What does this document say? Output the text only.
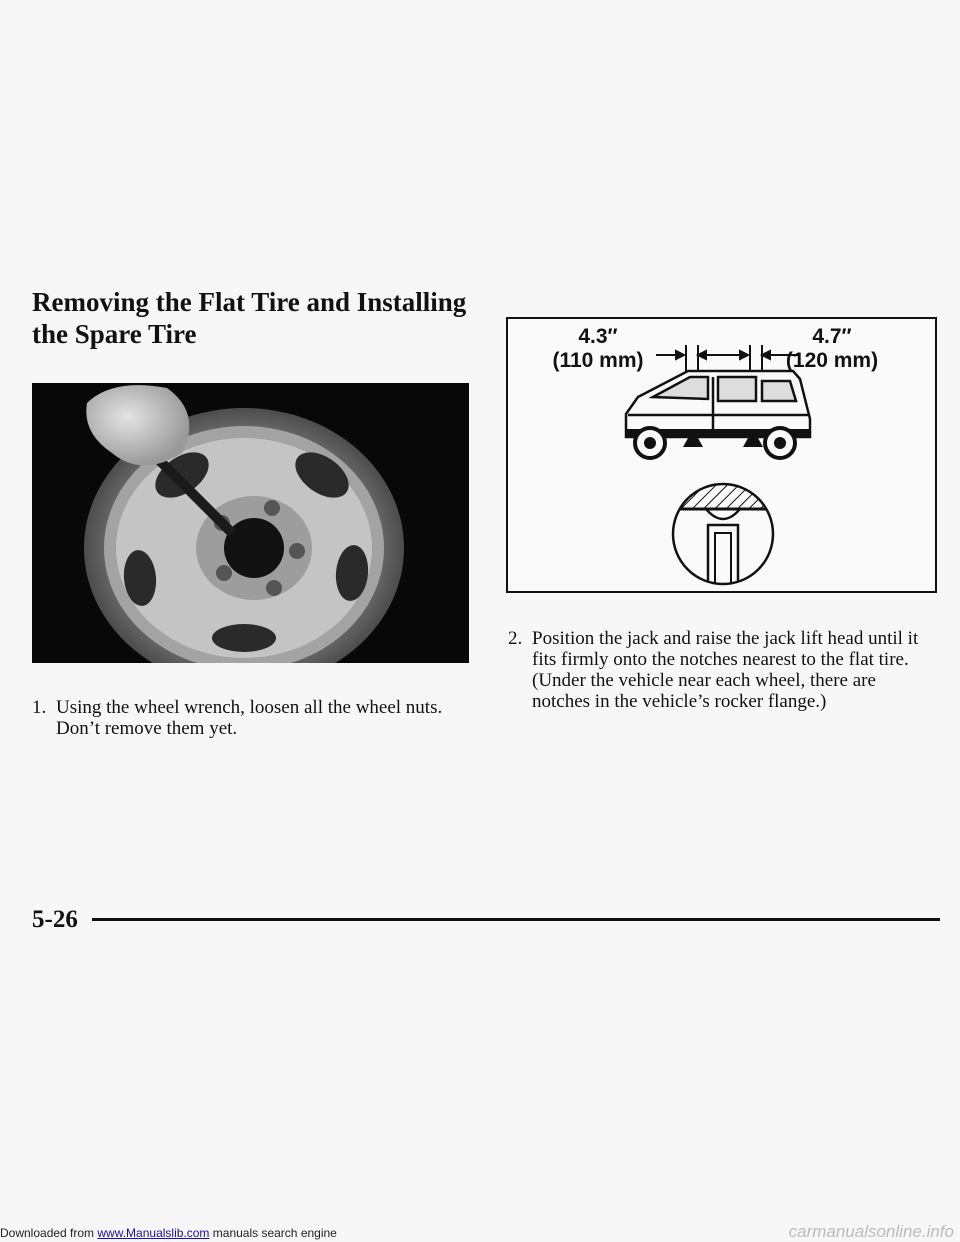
Removing the Flat Tire and Installing the Spare Tire
1. Using the wheel wrench, loosen all the wheel nuts. Don’t remove them yet.
4.3″
(110 mm)
4.7″
(120 mm)
2. Position the jack and raise the jack lift head until it fits firmly onto the notches nearest to the flat tire. (Under the vehicle near each wheel, there are notches in the vehicle’s rocker flange.)
5-26
Downloaded from www.Manualslib.com manuals search engine	carmanualsonline.info
